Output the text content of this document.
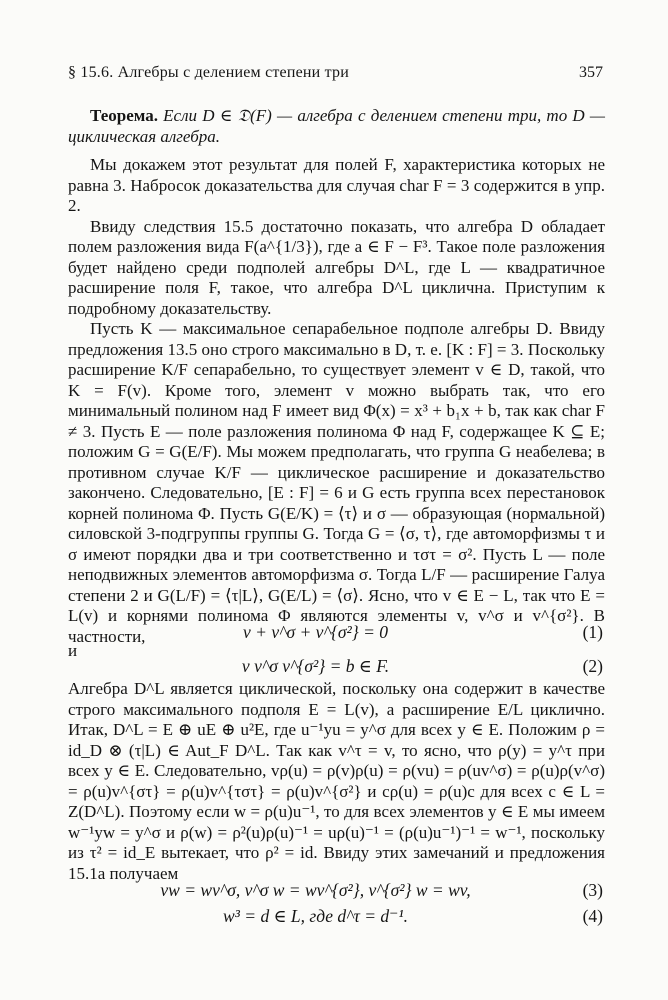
§ 15.6. Алгебры с делением степени три	357

Теорема. Если D ∈ 𝔇(F) — алгебра с делением степени три, то D — циклическая алгебра.

Мы докажем этот результат для полей F, характеристика которых не равна 3. Набросок доказательства для случая char F = 3 содержится в упр. 2.

Ввиду следствия 15.5 достаточно показать, что алгебра D обладает полем разложения вида F(a^{1/3}), где a ∈ F − F³. Такое поле разложения будет найдено среди подполей алгебры D^L, где L — квадратичное расширение поля F, такое, что алгебра D^L циклична. Приступим к подробному доказательству.

Пусть K — максимальное сепарабельное подполе алгебры D. Ввиду предложения 13.5 оно строго максимально в D, т. е. [K : F] = 3. Поскольку расширение K/F сепарабельно, то существует элемент v ∈ D, такой, что K = F(v). Кроме того, элемент v можно выбрать так, что его минимальный полином над F имеет вид Φ(x) = x³ + b₁x + b, так как char F ≠ 3. Пусть E — поле разложения полинома Φ над F, содержащее K ⊆ E; положим G = G(E/F). Мы можем предполагать, что группа G неабелева; в противном случае K/F — циклическое расширение и доказательство закончено. Следовательно, [E : F] = 6 и G есть группа всех перестановок корней полинома Φ. Пусть G(E/K) = ⟨τ⟩ и σ — образующая (нормальной) силовской 3-подгруппы группы G. Тогда G = ⟨σ, τ⟩, где автоморфизмы τ и σ имеют порядки два и три соответственно и τστ = σ². Пусть L — поле неподвижных элементов автоморфизма σ. Тогда L/F — расширение Галуа степени 2 и G(L/F) = ⟨τ|L⟩, G(E/L) = ⟨σ⟩. Ясно, что v ∈ E − L, так что E = L(v) и корнями полинома Φ являются элементы v, v^σ и v^{σ²}. В частности,	v + v^σ + v^{σ²} = 0	(1)
и
v v^σ v^{σ²} = b ∈ F.	(2)

Алгебра D^L является циклической, поскольку она содержит в качестве строго максимального подполя E = L(v), а расширение E/L циклично. Итак, D^L = E ⊕ uE ⊕ u²E, где u⁻¹yu = y^σ для всех y ∈ E. Положим ρ = id_D ⊗ (τ|L) ∈ Aut_F D^L. Так как v^τ = v, то ясно, что ρ(y) = y^τ при всех y ∈ E. Следовательно, vρ(u) = ρ(v)ρ(u) = ρ(vu) = ρ(uv^σ) = ρ(u)ρ(v^σ) = ρ(u)v^{στ} = ρ(u)v^{τστ} = ρ(u)v^{σ²} и cρ(u) = ρ(u)c для всех c ∈ L = Z(D^L). Поэтому если w = ρ(u)u⁻¹, то для всех элементов y ∈ E мы имеем w⁻¹yw = y^σ и ρ(w) = ρ²(u)ρ(u)⁻¹ = uρ(u)⁻¹ = (ρ(u)u⁻¹)⁻¹ = w⁻¹, поскольку из τ² = id_E вытекает, что ρ² = id. Ввиду этих замечаний и предложения 15.1a получаем

vw = wv^σ, v^σ w = wv^{σ²}, v^{σ²} w = wv,	(3)
w³ = d ∈ L, где d^τ = d⁻¹.	(4)
